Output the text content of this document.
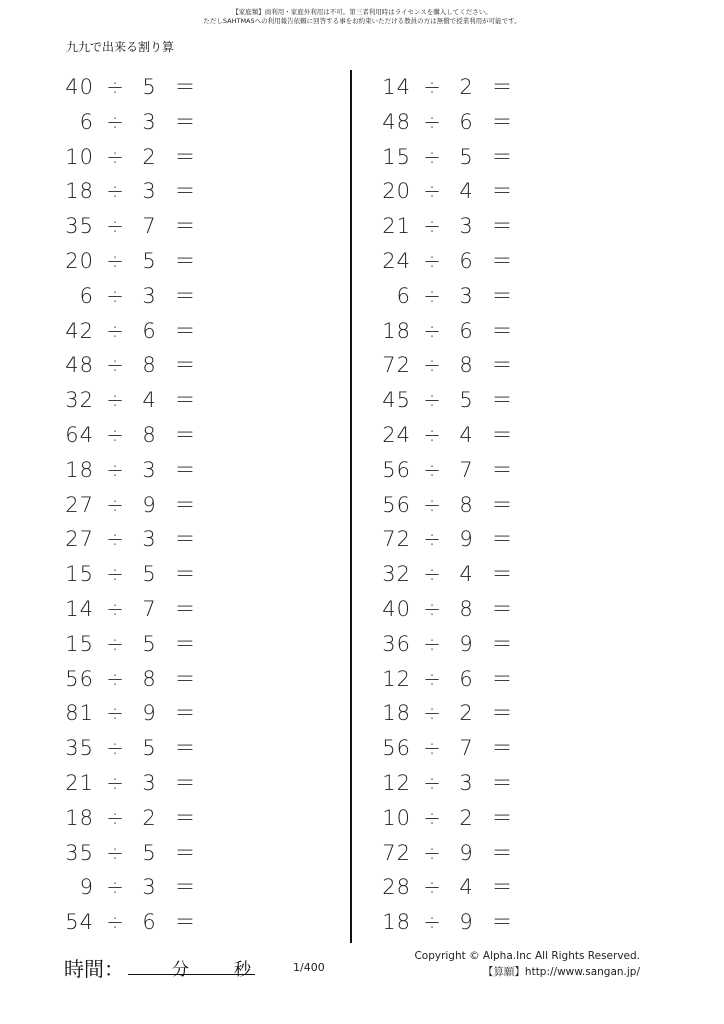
【家庭類】商利用・家庭外利用は不可。第三者利用時はライセンスを購入してください。
ただしSAHTMASへの利用報告依頼に回答する事をお約束いただける教員の方は無償で授業利用が可能です。
九九で出来る割り算
40 ÷ 5 ＝
6 ÷ 3 ＝
10 ÷ 2 ＝
18 ÷ 3 ＝
35 ÷ 7 ＝
20 ÷ 5 ＝
6 ÷ 3 ＝
42 ÷ 6 ＝
48 ÷ 8 ＝
32 ÷ 4 ＝
64 ÷ 8 ＝
18 ÷ 3 ＝
27 ÷ 9 ＝
27 ÷ 3 ＝
15 ÷ 5 ＝
14 ÷ 7 ＝
15 ÷ 5 ＝
56 ÷ 8 ＝
81 ÷ 9 ＝
35 ÷ 5 ＝
21 ÷ 3 ＝
18 ÷ 2 ＝
35 ÷ 5 ＝
9 ÷ 3 ＝
54 ÷ 6 ＝
14 ÷ 2 ＝
48 ÷ 6 ＝
15 ÷ 5 ＝
20 ÷ 4 ＝
21 ÷ 3 ＝
24 ÷ 6 ＝
6 ÷ 3 ＝
18 ÷ 6 ＝
72 ÷ 8 ＝
45 ÷ 5 ＝
24 ÷ 4 ＝
56 ÷ 7 ＝
56 ÷ 8 ＝
72 ÷ 9 ＝
32 ÷ 4 ＝
40 ÷ 8 ＝
36 ÷ 9 ＝
12 ÷ 6 ＝
18 ÷ 2 ＝
56 ÷ 7 ＝
12 ÷ 3 ＝
10 ÷ 2 ＝
72 ÷ 9 ＝
28 ÷ 4 ＝
18 ÷ 9 ＝
時間：	分	秒	1/400
Copyright © Alpha.Inc All Rights Reserved.
【算願】http://www.sangan.jp/
